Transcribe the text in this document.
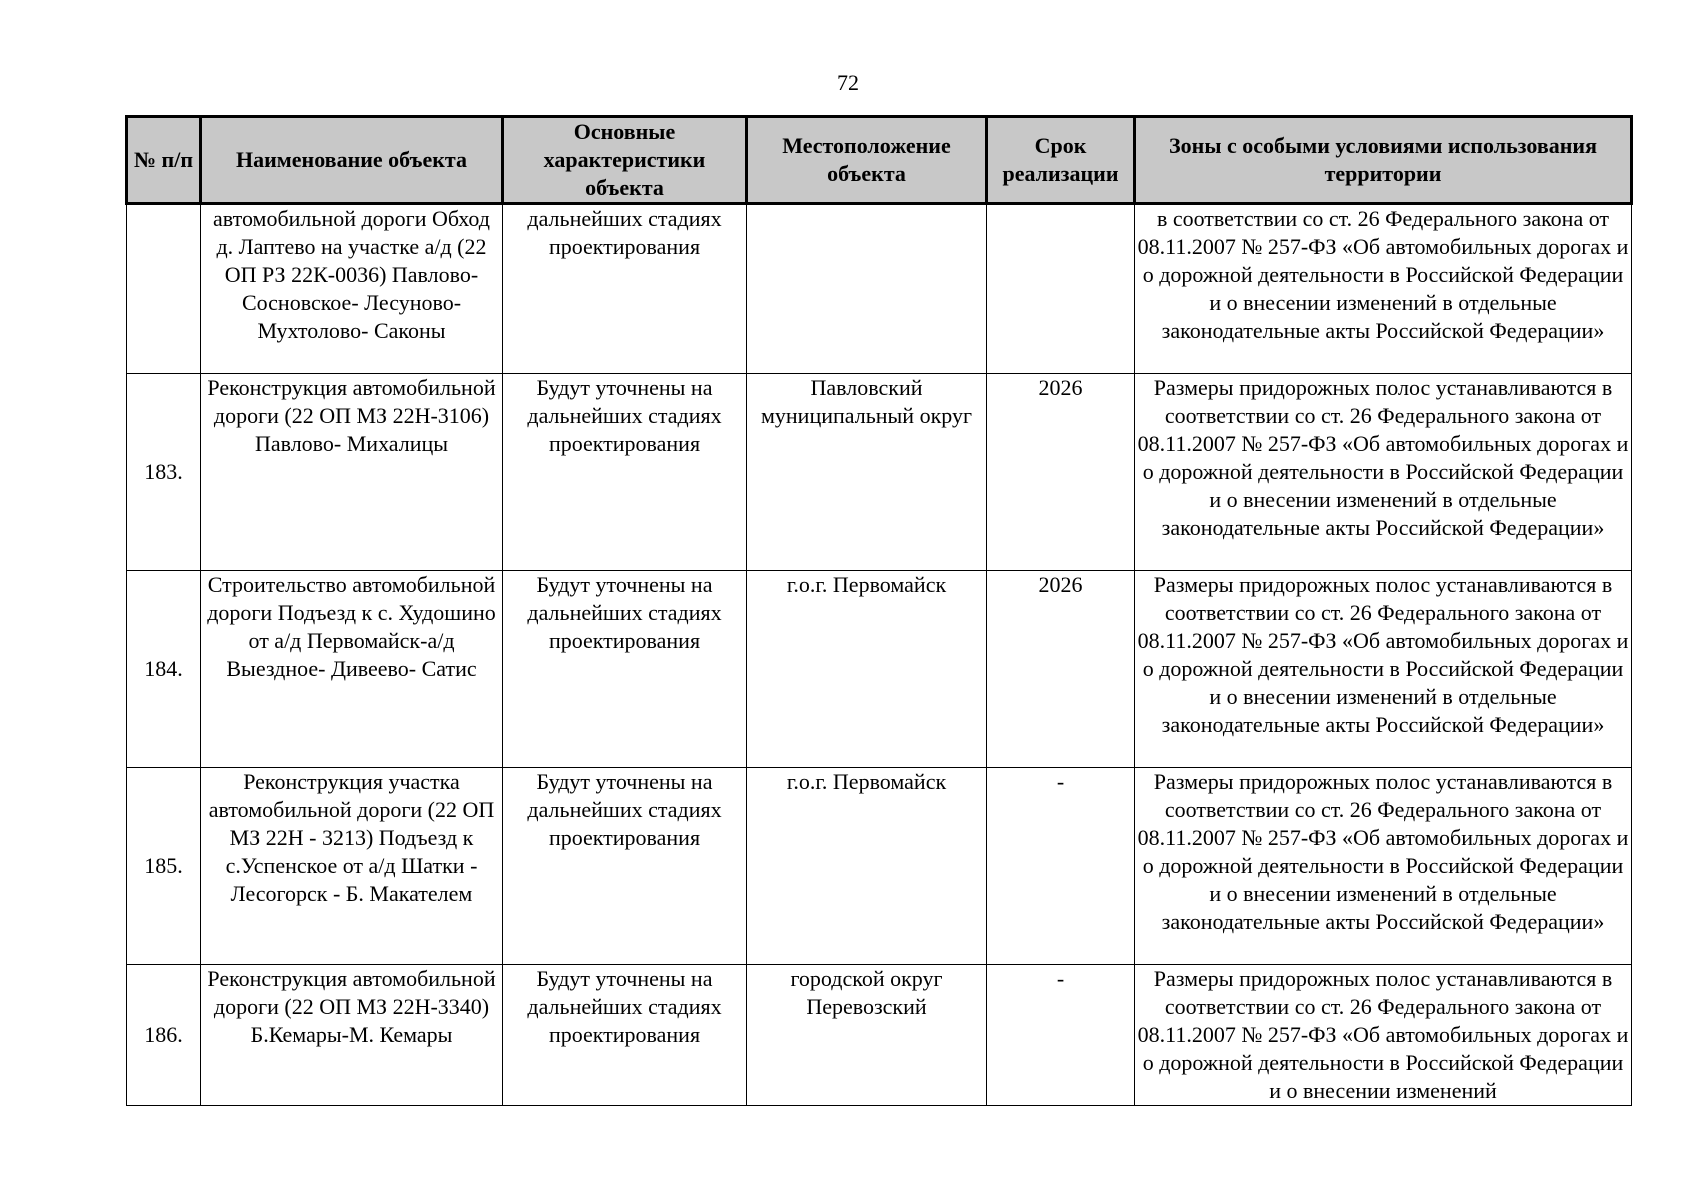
72
№ п/п	Наименование объекта	Основные характеристики объекта	Местоположение объекта	Срок реализации	Зоны с особыми условиями использования территории
	автомобильной дороги Обход д. Лаптево на участке а/д (22 ОП РЗ 22К-0036) Павлово- Сосновское- Лесуново- Мухтолово- Саконы	дальнейших стадиях проектирования			в соответствии со ст. 26 Федерального закона от 08.11.2007 № 257-ФЗ «Об автомобильных дорогах и о дорожной деятельности в Российской Федерации и о внесении изменений в отдельные законодательные акты Российской Федерации»
183.	Реконструкция автомобильной дороги (22 ОП МЗ 22Н-3106) Павлово- Михалицы	Будут уточнены на дальнейших стадиях проектирования	Павловский муниципальный округ	2026	Размеры придорожных полос устанавливаются в соответствии со ст. 26 Федерального закона от 08.11.2007 № 257-ФЗ «Об автомобильных дорогах и о дорожной деятельности в Российской Федерации и о внесении изменений в отдельные законодательные акты Российской Федерации»
184.	Строительство автомобильной дороги Подъезд к с. Худошино от а/д Первомайск-а/д Выездное- Дивеево- Сатис	Будут уточнены на дальнейших стадиях проектирования	г.о.г. Первомайск	2026	Размеры придорожных полос устанавливаются в соответствии со ст. 26 Федерального закона от 08.11.2007 № 257-ФЗ «Об автомобильных дорогах и о дорожной деятельности в Российской Федерации и о внесении изменений в отдельные законодательные акты Российской Федерации»
185.	Реконструкция участка автомобильной дороги (22 ОП МЗ 22Н - 3213) Подъезд к с.Успенское от а/д Шатки - Лесогорск - Б. Макателем	Будут уточнены на дальнейших стадиях проектирования	г.о.г. Первомайск	-	Размеры придорожных полос устанавливаются в соответствии со ст. 26 Федерального закона от 08.11.2007 № 257-ФЗ «Об автомобильных дорогах и о дорожной деятельности в Российской Федерации и о внесении изменений в отдельные законодательные акты Российской Федерации»
186.	Реконструкция автомобильной дороги (22 ОП МЗ 22Н-3340) Б.Кемары-М. Кемары	Будут уточнены на дальнейших стадиях проектирования	городской округ Перевозский	-	Размеры придорожных полос устанавливаются в соответствии со ст. 26 Федерального закона от 08.11.2007 № 257-ФЗ «Об автомобильных дорогах и о дорожной деятельности в Российской Федерации и о внесении изменений
